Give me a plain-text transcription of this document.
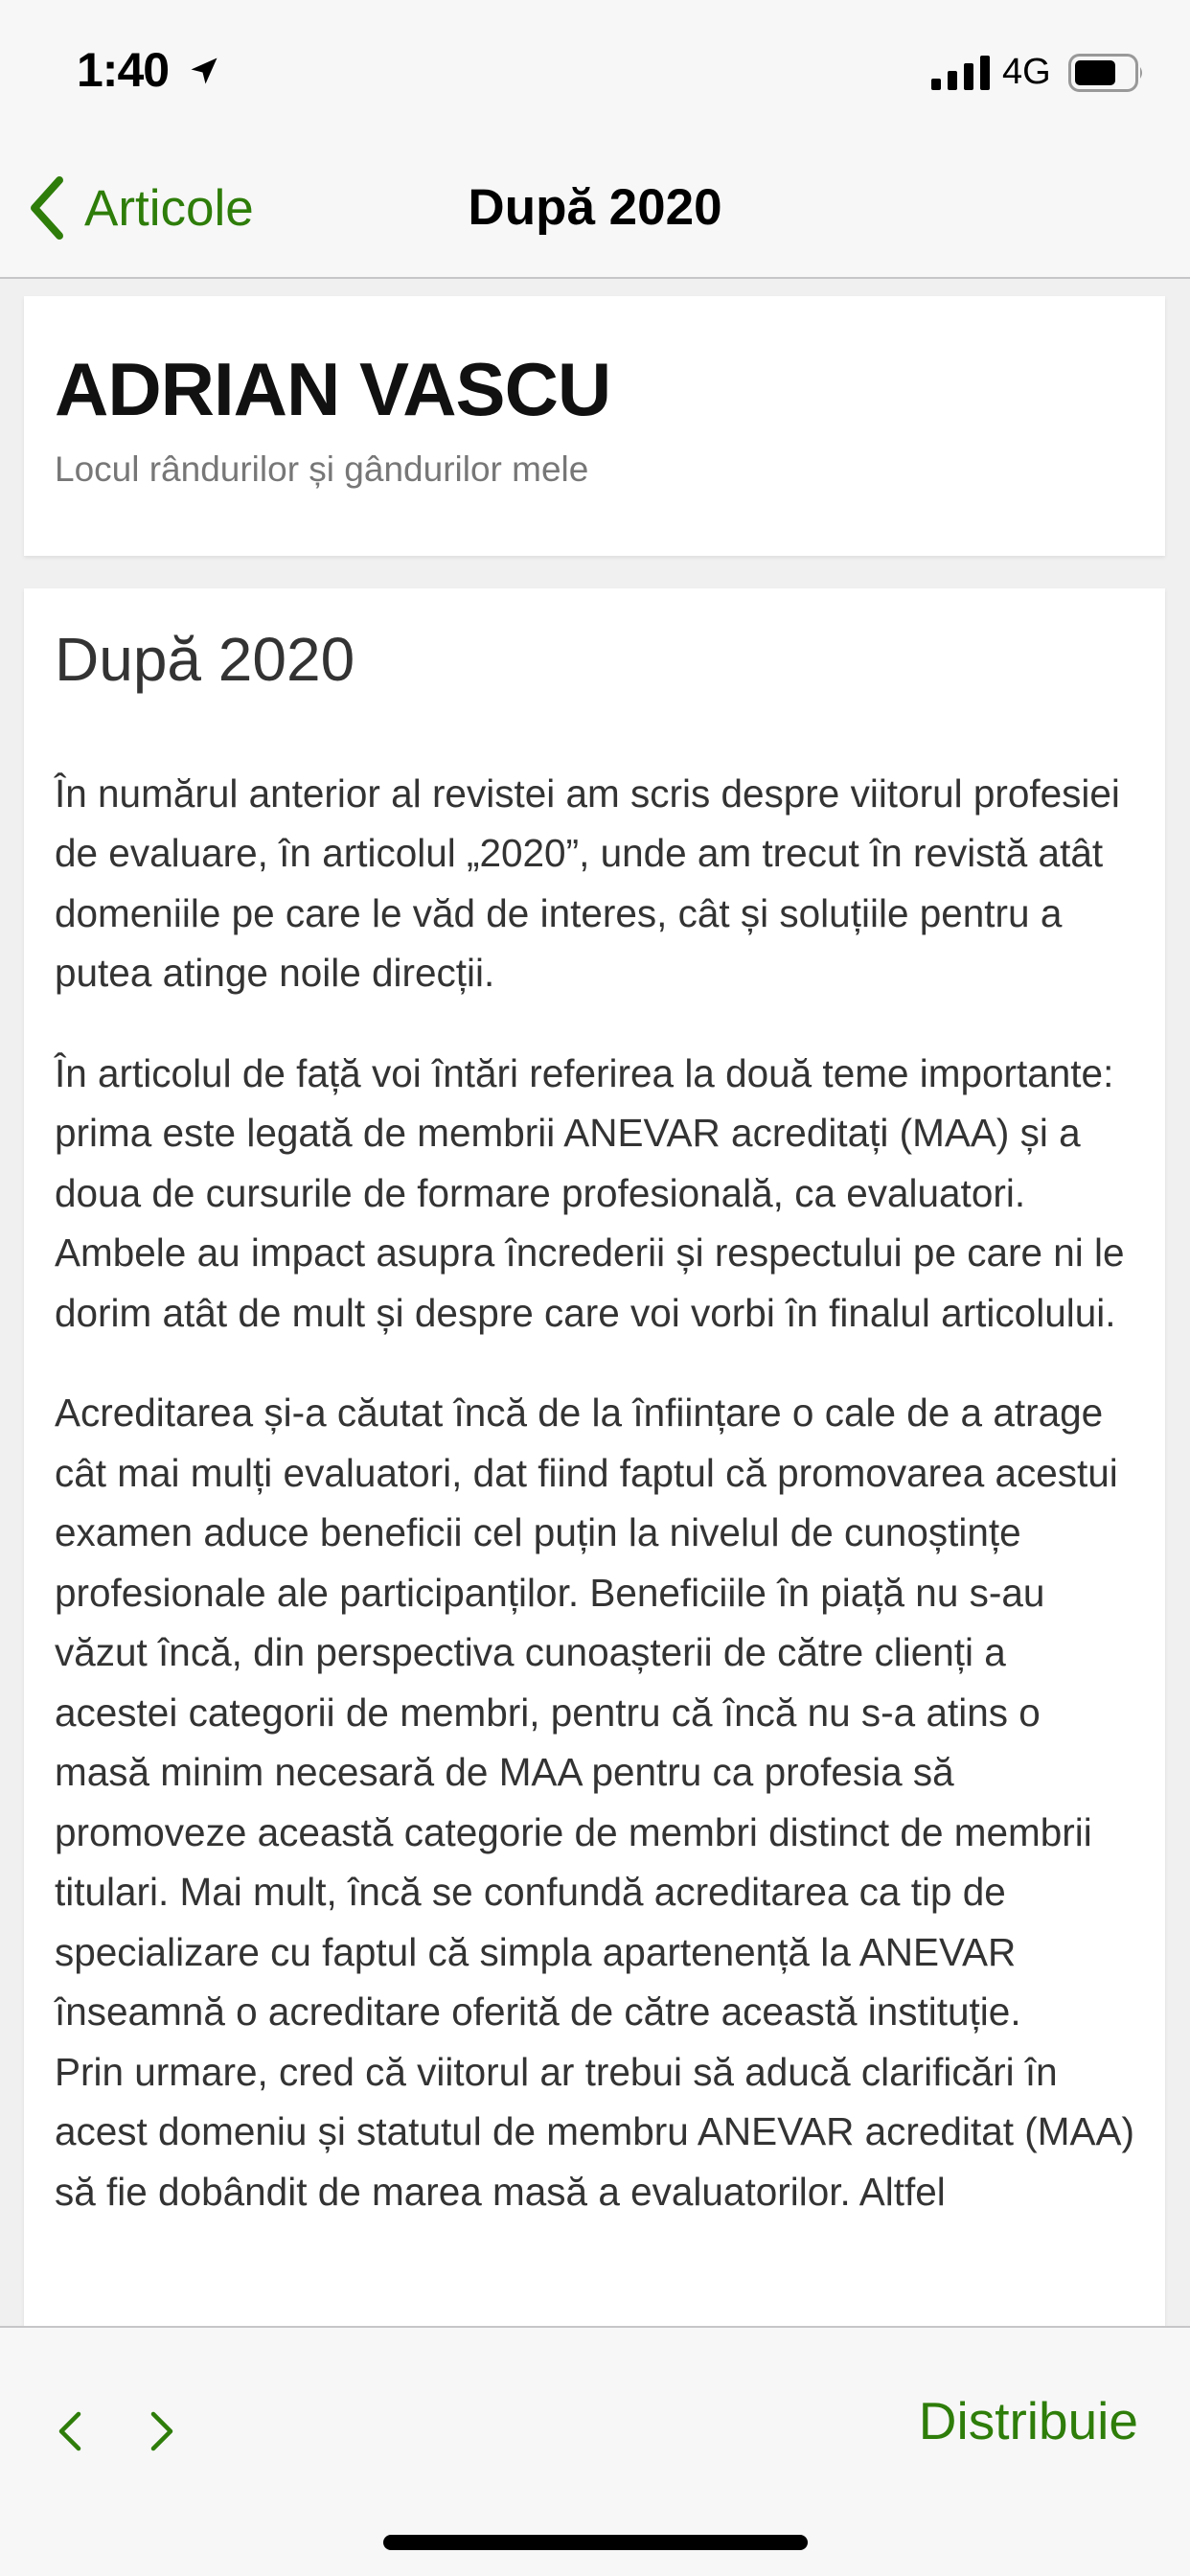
1:40	4G
Articole	După 2020
ADRIAN VASCU
Locul rândurilor și gândurilor mele
După 2020

În numărul anterior al revistei am scris despre viitorul profesiei de evaluare, în articolul „2020”, unde am trecut în revistă atât domeniile pe care le văd de interes, cât și soluțiile pentru a putea atinge noile direcții.

În articolul de față voi întări referirea la două teme importante: prima este legată de membrii ANEVAR acreditați (MAA) și a doua de cursurile de formare profesională, ca evaluatori. Ambele au impact asupra încrederii și respectului pe care ni le dorim atât de mult și despre care voi vorbi în finalul articolului.

Acreditarea și-a căutat încă de la înființare o cale de a atrage cât mai mulți evaluatori, dat fiind faptul că promovarea acestui examen aduce beneficii cel puțin la nivelul de cunoștințe profesionale ale participanților. Beneficiile în piață nu s-au văzut încă, din perspectiva cunoașterii de către clienți a acestei categorii de membri, pentru că încă nu s-a atins o masă minim necesară de MAA pentru ca profesia să promoveze această categorie de membri distinct de membrii titulari. Mai mult, încă se confundă acreditarea ca tip de specializare cu faptul că simpla apartenență la ANEVAR înseamnă o acreditare oferită de către această instituție.

Prin urmare, cred că viitorul ar trebui să aducă clarificări în acest domeniu și statutul de membru ANEVAR acreditat (MAA) să fie dobândit de marea masă a evaluatorilor. Altfel

Distribuie
